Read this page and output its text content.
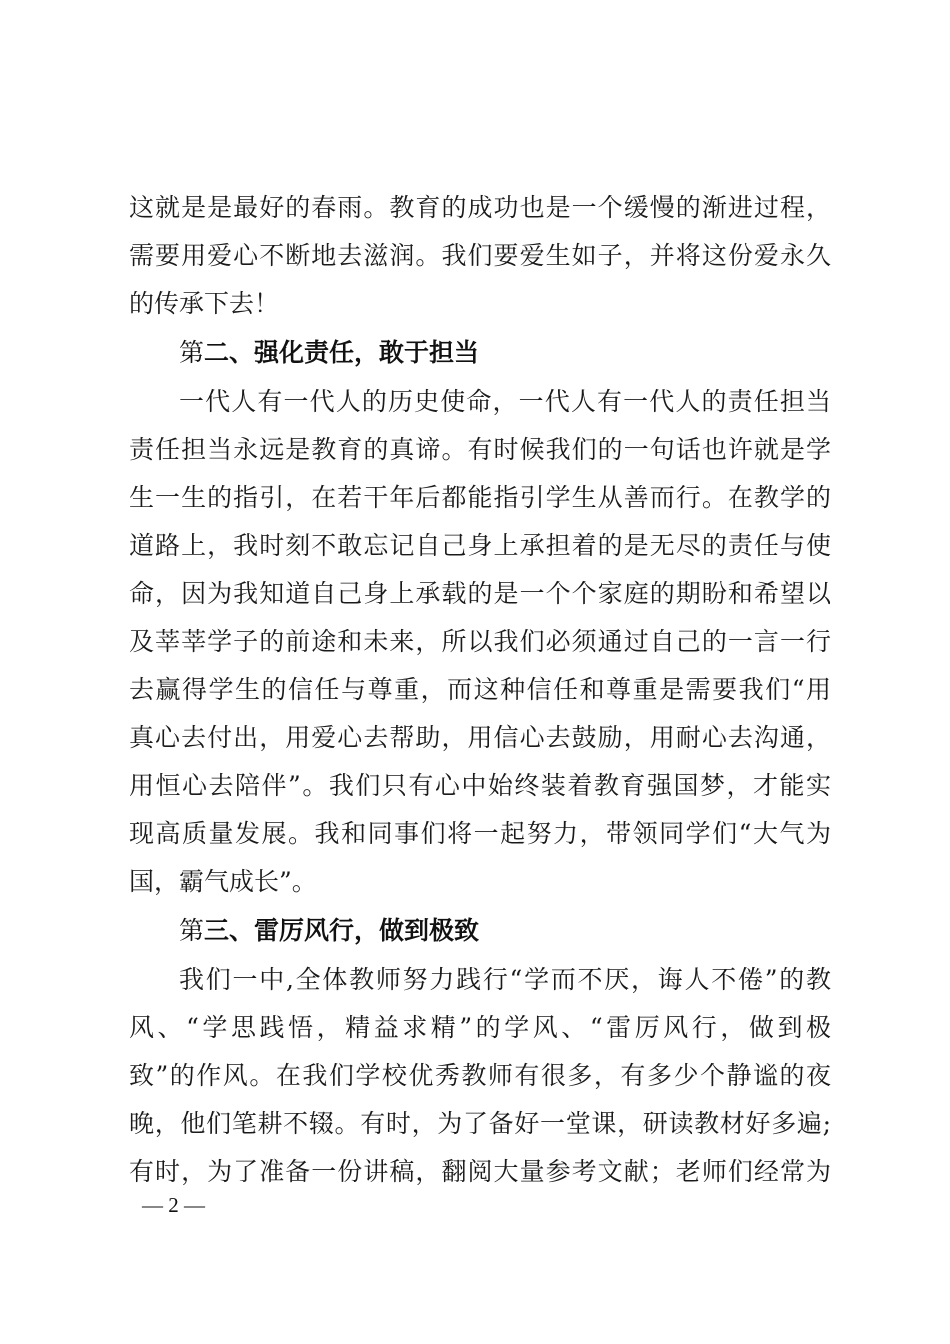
这就是是最好的春雨。教育的成功也是一个缓慢的渐进过程，
需要用爱心不断地去滋润。我们要爱生如子，并将这份爱永久
的传承下去！
第二、强化责任，敢于担当
一代人有一代人的历史使命，一代人有一代人的责任担当
责任担当永远是教育的真谛。有时候我们的一句话也许就是学
生一生的指引，在若干年后都能指引学生从善而行。在教学的
道路上，我时刻不敢忘记自己身上承担着的是无尽的责任与使
命，因为我知道自己身上承载的是一个个家庭的期盼和希望以
及莘莘学子的前途和未来，所以我们必须通过自己的一言一行
去赢得学生的信任与尊重，而这种信任和尊重是需要我们“用
真心去付出，用爱心去帮助，用信心去鼓励，用耐心去沟通，
用恒心去陪伴”。我们只有心中始终装着教育强国梦，才能实
现高质量发展。我和同事们将一起努力，带领同学们“大气为
国，霸气成长”。
第三、雷厉风行，做到极致
我们一中,全体教师努力践行“学而不厌，诲人不倦”的教
风、“学思践悟，精益求精”的学风、“雷厉风行，做到极
致”的作风。在我们学校优秀教师有很多，有多少个静谧的夜
晚，他们笔耕不辍。有时，为了备好一堂课，研读教材好多遍;
有时，为了准备一份讲稿，翻阅大量参考文献；老师们经常为
— 2 —
